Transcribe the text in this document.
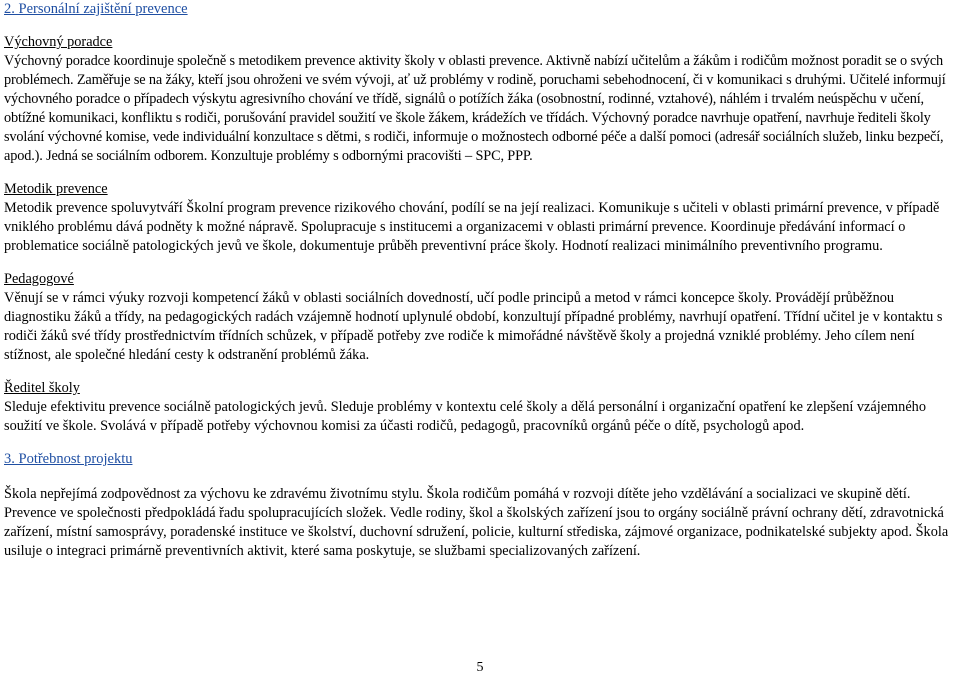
2. Personální zajištění prevence
Výchovný poradce

Výchovný poradce koordinuje společně s metodikem prevence aktivity školy v oblasti prevence. Aktivně nabízí učitelům a žákům i rodičům možnost poradit se o svých problémech. Zaměřuje se na žáky, kteří jsou ohroženi ve svém vývoji, ať už problémy v rodině, poruchami sebehodnocení, či v komunikaci s druhými. Učitelé informují výchovného poradce o případech výskytu agresivního chování ve třídě, signálů o potížích žáka (osobnostní, rodinné, vztahové), náhlém i trvalém neúspěchu v učení, obtížné komunikaci, konfliktu s rodiči, porušování pravidel soužití ve škole žákem, krádežích ve třídách. Výchovný poradce navrhuje opatření, navrhuje řediteli školy svolání výchovné komise, vede individuální konzultace s dětmi, s rodiči, informuje o možnostech odborné péče a další pomoci (adresář sociálních služeb, linku bezpečí, apod.). Jedná se sociálním odborem. Konzultuje problémy s odbornými pracovišti – SPC, PPP.

Metodik prevence

Metodik prevence spoluvytváří Školní program prevence rizikového chování, podílí se na její realizaci. Komunikuje s učiteli v oblasti primární prevence, v případě vniklého problému dává podněty k možné nápravě. Spolupracuje s institucemi a organizacemi v oblasti primární prevence. Koordinuje předávání informací o problematice sociálně patologických jevů ve škole, dokumentuje průběh preventivní práce školy. Hodnotí realizaci minimálního preventivního programu.

Pedagogové

Věnují se v rámci výuky rozvoji kompetencí žáků v oblasti sociálních dovedností, učí podle principů a metod v rámci koncepce školy. Provádějí průběžnou diagnostiku žáků a třídy, na pedagogických radách vzájemně hodnotí uplynulé období, konzultují případné problémy, navrhují opatření. Třídní učitel je v kontaktu s rodiči žáků své třídy prostřednictvím třídních schůzek, v případě potřeby zve rodiče k mimořádné návštěvě školy a projedná vzniklé problémy. Jeho cílem není stížnost, ale společné hledání cesty k odstranění problémů žáka.

Ředitel školy

Sleduje efektivitu prevence sociálně patologických jevů. Sleduje problémy v kontextu celé školy a dělá personální i organizační opatření ke zlepšení vzájemného soužití ve škole. Svolává v případě potřeby výchovnou komisi za účasti rodičů, pedagogů, pracovníků orgánů péče o dítě, psychologů apod.

3. Potřebnost projektu

Škola nepřejímá zodpovědnost za výchovu ke zdravému životnímu stylu. Škola rodičům pomáhá v rozvoji dítěte jeho vzdělávání a socializaci ve skupině dětí. Prevence ve společnosti předpokládá řadu spolupracujících složek. Vedle rodiny, škol a školských zařízení jsou to orgány sociálně právní ochrany dětí, zdravotnická zařízení, místní samosprávy, poradenské instituce ve školství, duchovní sdružení, policie, kulturní střediska, zájmové organizace, podnikatelské subjekty apod. Škola usiluje o integraci primárně preventivních aktivit, které sama poskytuje, se službami specializovaných zařízení.

5
